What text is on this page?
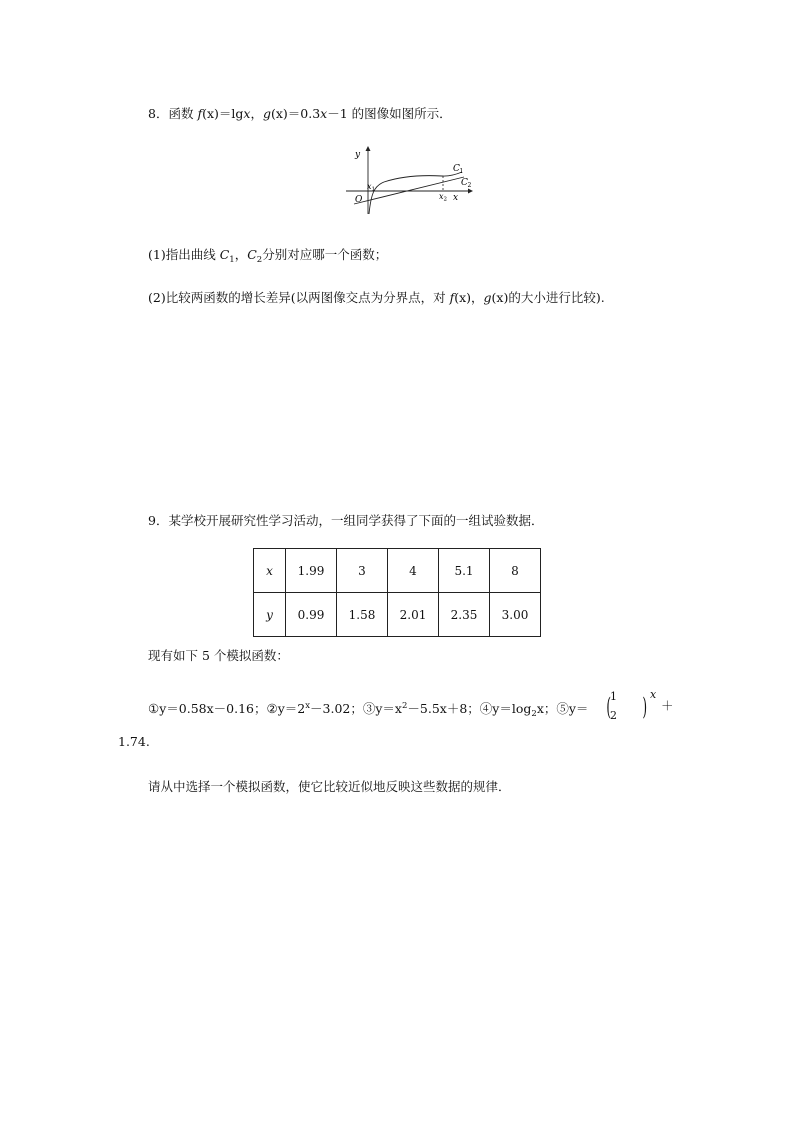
8．函数 f(x)＝lgx，g(x)＝0.3x－1 的图像如图所示．
y
x
O
C 1
C 2
x 1
x 2
(1)指出曲线 $C_1$，$C_2$分别对应哪一个函数；
(2)比较两函数的增长差异(以两图像交点为分界点，对 f(x)，g(x)的大小进行比较).
9．某学校开展研究性学习活动，一组同学获得了下面的一组试验数据．
x	1.99	3	4	5.1	8
y	0.99	1.58	2.01	2.35	3.00
现有如下 5 个模拟函数：
①y＝0.58x－0.16；$②y=2^x-3.02$；$③y=x^2-5.5x+8$；$④y=\log_2x$；⑤y＝
1
2
( ) x
＋
1.74.
请从中选择一个模拟函数，使它比较近似地反映这些数据的规律．
